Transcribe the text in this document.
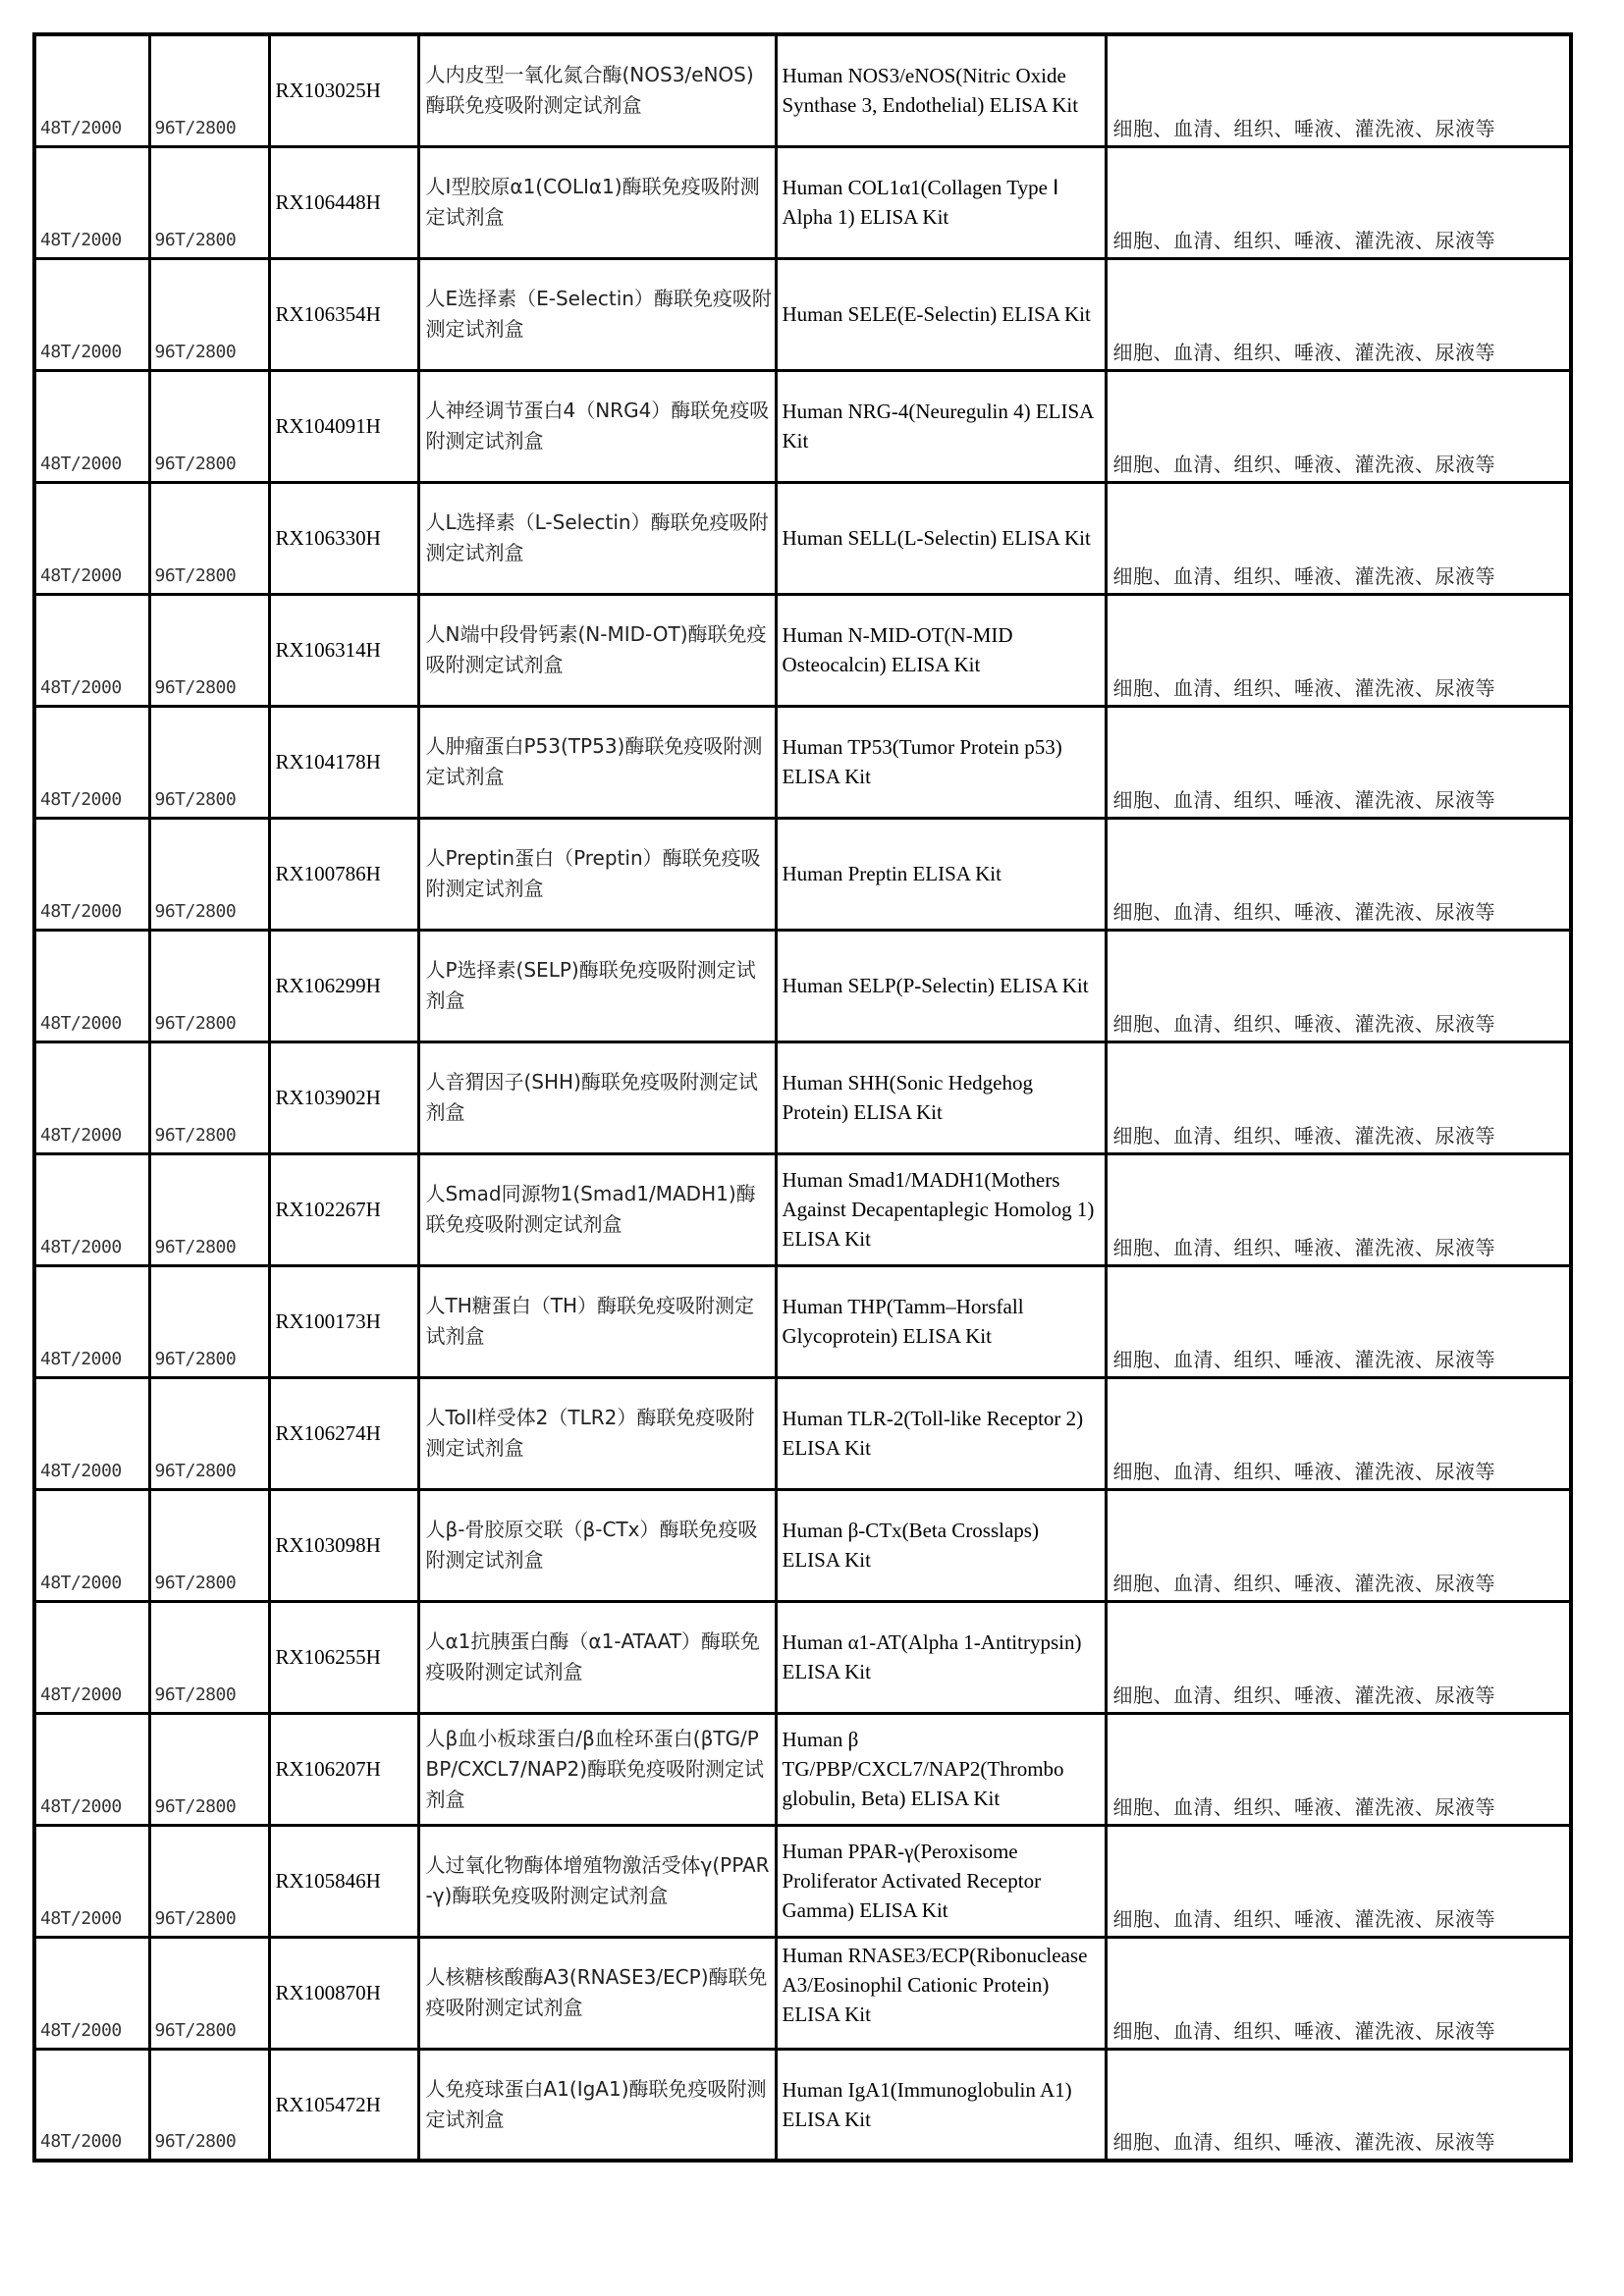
48T/2000	96T/2800	RX103025H	人内皮型一氧化氮合酶(NOS3/eNOS)酶联免疫吸附测定试剂盒	Human NOS3/eNOS(Nitric Oxide Synthase 3, Endothelial) ELISA Kit	细胞、血清、组织、唾液、灌洗液、尿液等
48T/2000	96T/2800	RX106448H	人Ⅰ型胶原α1(COLⅠα1)酶联免疫吸附测定试剂盒	Human COL1α1(Collagen Type Ⅰ Alpha 1) ELISA Kit	细胞、血清、组织、唾液、灌洗液、尿液等
48T/2000	96T/2800	RX106354H	人E选择素（E-Selectin）酶联免疫吸附测定试剂盒	Human SELE(E-Selectin) ELISA Kit	细胞、血清、组织、唾液、灌洗液、尿液等
48T/2000	96T/2800	RX104091H	人神经调节蛋白4（NRG4）酶联免疫吸附测定试剂盒	Human NRG-4(Neuregulin 4) ELISA Kit	细胞、血清、组织、唾液、灌洗液、尿液等
48T/2000	96T/2800	RX106330H	人L选择素（L-Selectin）酶联免疫吸附测定试剂盒	Human SELL(L-Selectin) ELISA Kit	细胞、血清、组织、唾液、灌洗液、尿液等
48T/2000	96T/2800	RX106314H	人N端中段骨钙素(N-MID-OT)酶联免疫吸附测定试剂盒	Human N-MID-OT(N-MID Osteocalcin) ELISA Kit	细胞、血清、组织、唾液、灌洗液、尿液等
48T/2000	96T/2800	RX104178H	人肿瘤蛋白P53(TP53)酶联免疫吸附测定试剂盒	Human TP53(Tumor Protein p53) ELISA Kit	细胞、血清、组织、唾液、灌洗液、尿液等
48T/2000	96T/2800	RX100786H	人Preptin蛋白（Preptin）酶联免疫吸附测定试剂盒	Human Preptin ELISA Kit	细胞、血清、组织、唾液、灌洗液、尿液等
48T/2000	96T/2800	RX106299H	人P选择素(SELP)酶联免疫吸附测定试剂盒	Human SELP(P-Selectin) ELISA Kit	细胞、血清、组织、唾液、灌洗液、尿液等
48T/2000	96T/2800	RX103902H	人音猬因子(SHH)酶联免疫吸附测定试剂盒	Human SHH(Sonic Hedgehog Protein) ELISA Kit	细胞、血清、组织、唾液、灌洗液、尿液等
48T/2000	96T/2800	RX102267H	人Smad同源物1(Smad1/MADH1)酶联免疫吸附测定试剂盒	Human Smad1/MADH1(Mothers Against Decapentaplegic Homolog 1) ELISA Kit	细胞、血清、组织、唾液、灌洗液、尿液等
48T/2000	96T/2800	RX100173H	人TH糖蛋白（TH）酶联免疫吸附测定试剂盒	Human THP(Tamm–Horsfall Glycoprotein) ELISA Kit	细胞、血清、组织、唾液、灌洗液、尿液等
48T/2000	96T/2800	RX106274H	人Toll样受体2（TLR2）酶联免疫吸附测定试剂盒	Human TLR-2(Toll-like Receptor 2) ELISA Kit	细胞、血清、组织、唾液、灌洗液、尿液等
48T/2000	96T/2800	RX103098H	人β-骨胶原交联（β-CTx）酶联免疫吸附测定试剂盒	Human β-CTx(Beta Crosslaps) ELISA Kit	细胞、血清、组织、唾液、灌洗液、尿液等
48T/2000	96T/2800	RX106255H	人α1抗胰蛋白酶（α1-ATAAT）酶联免疫吸附测定试剂盒	Human α1-AT(Alpha 1-Antitrypsin) ELISA Kit	细胞、血清、组织、唾液、灌洗液、尿液等
48T/2000	96T/2800	RX106207H	人β血小板球蛋白/β血栓环蛋白(βTG/PBP/CXCL7/NAP2)酶联免疫吸附测定试剂盒	Human β TG/PBP/CXCL7/NAP2(Thrombo globulin, Beta) ELISA Kit	细胞、血清、组织、唾液、灌洗液、尿液等
48T/2000	96T/2800	RX105846H	人过氧化物酶体增殖物激活受体γ(PPAR-γ)酶联免疫吸附测定试剂盒	Human PPAR-γ(Peroxisome Proliferator Activated Receptor Gamma) ELISA Kit	细胞、血清、组织、唾液、灌洗液、尿液等
48T/2000	96T/2800	RX100870H	人核糖核酸酶A3(RNASE3/ECP)酶联免疫吸附测定试剂盒	Human RNASE3/ECP(Ribonuclease A3/Eosinophil Cationic Protein) ELISA Kit	细胞、血清、组织、唾液、灌洗液、尿液等
48T/2000	96T/2800	RX105472H	人免疫球蛋白A1(IgA1)酶联免疫吸附测定试剂盒	Human IgA1(Immunoglobulin A1) ELISA Kit	细胞、血清、组织、唾液、灌洗液、尿液等
